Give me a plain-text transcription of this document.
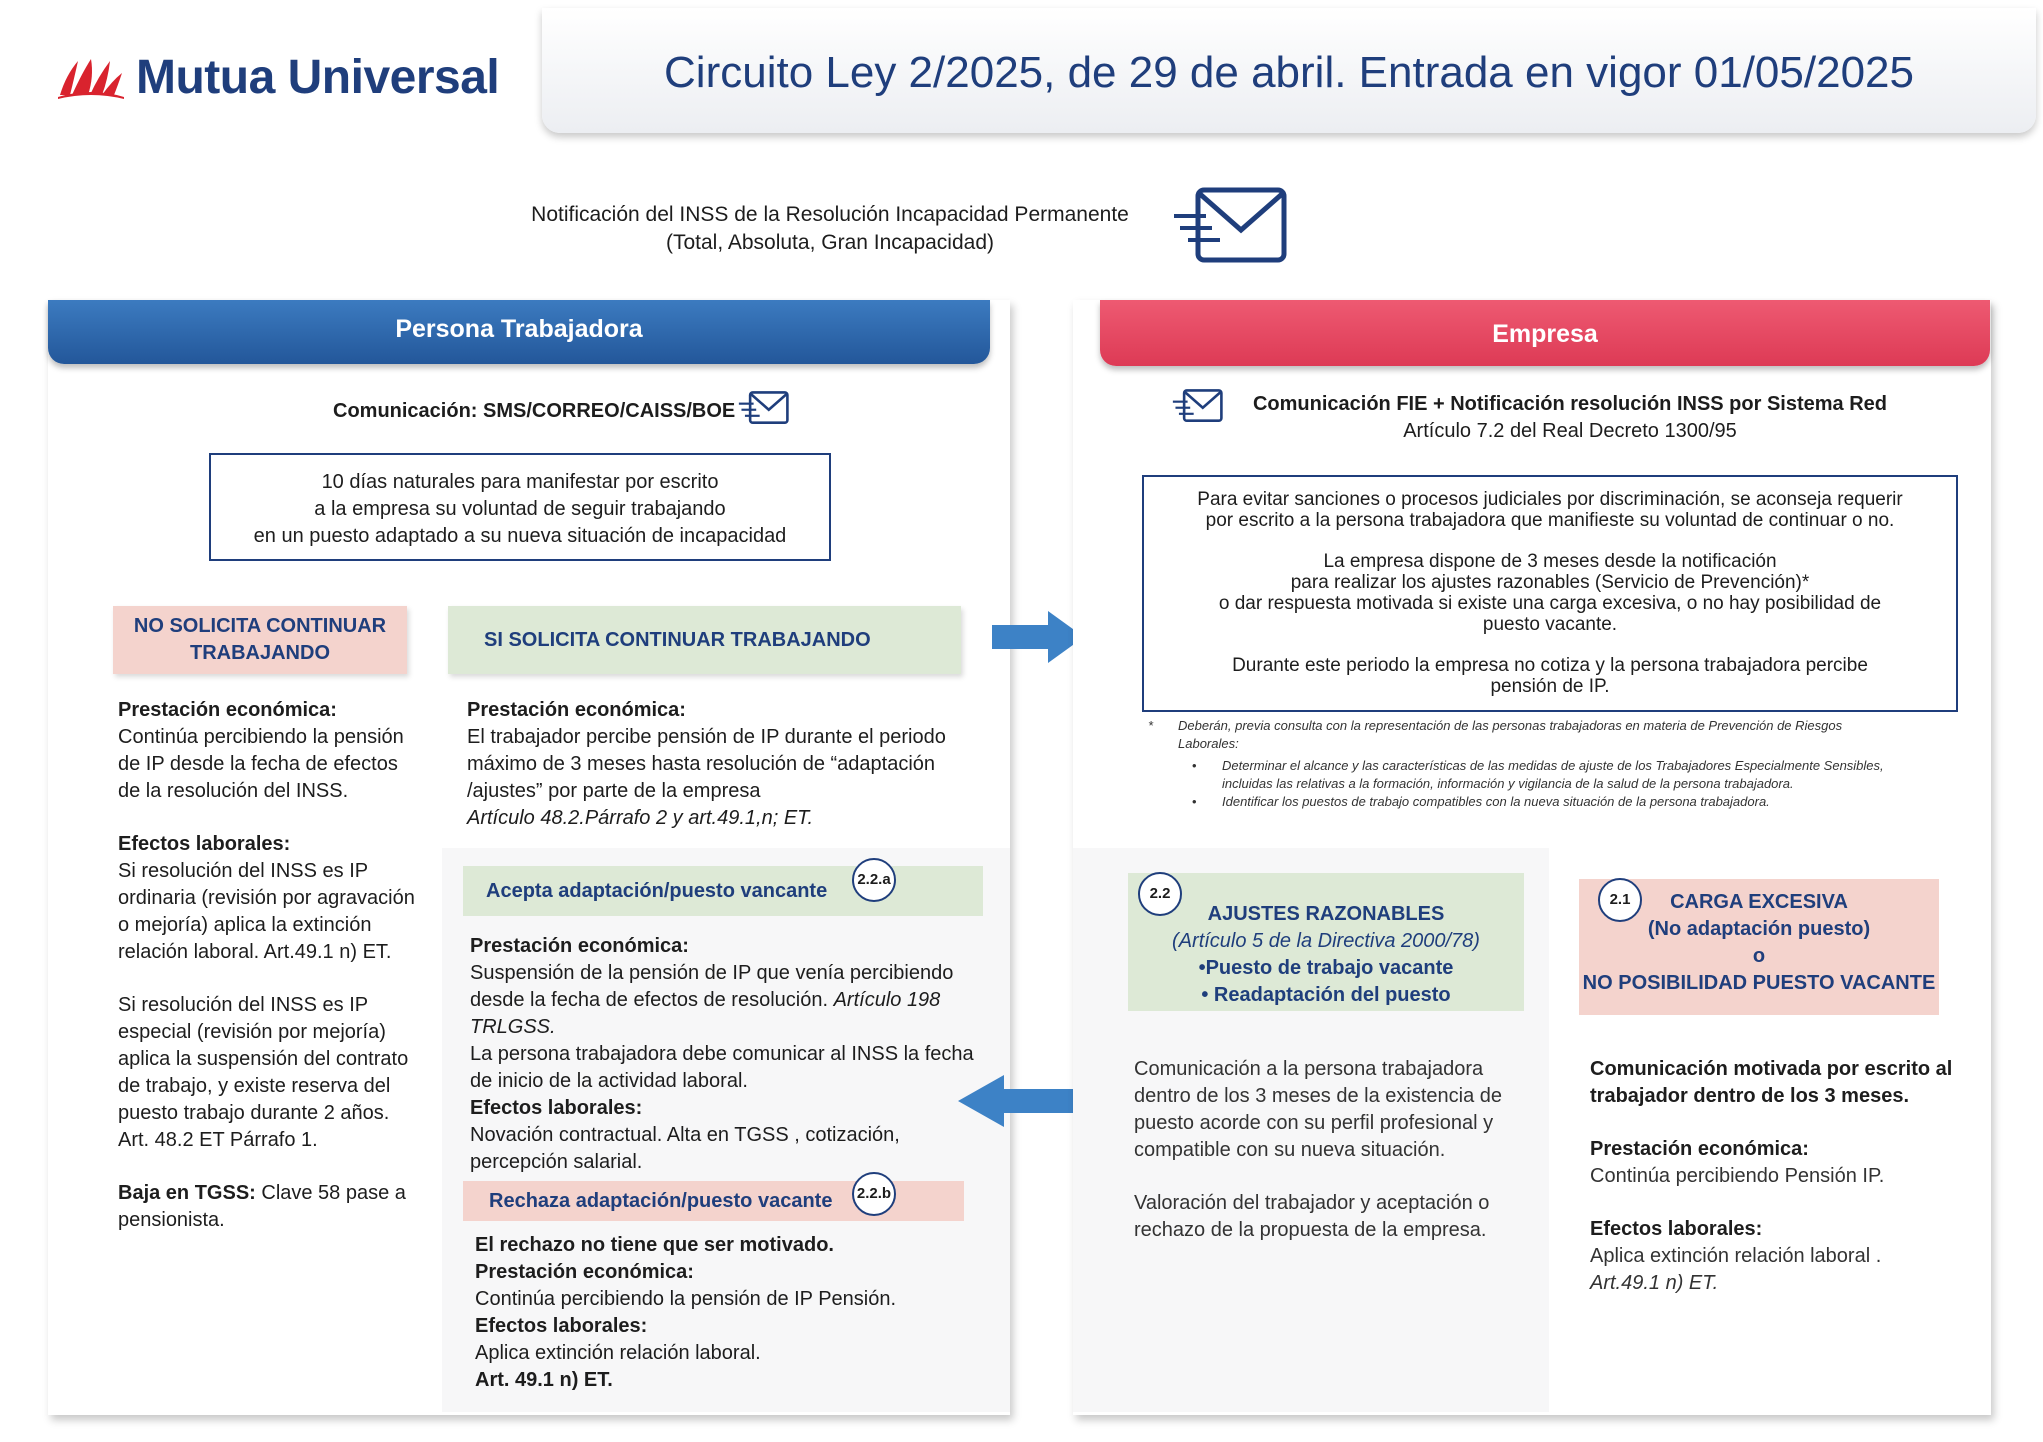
Mutua Universal	Circuito Ley 2/2025, de 29 de abril. Entrada en vigor 01/05/2025

Notificación del INSS de la Resolución Incapacidad Permanente

(Total, Absoluta, Gran Incapacidad)

Persona Trabajadora
Comunicación: SMS/CORREO/CAISS/BOE

10 días naturales para manifestar por escrito

a la empresa su voluntad de seguir trabajando

en un puesto adaptado a su nueva situación de incapacidad

NO SOLICITA CONTINUAR

TRABAJANDO

Prestación económica:

Continúa percibiendo la pensión

de IP desde la fecha de efectos

de la resolución del INSS.

Efectos laborales:

Si resolución del INSS es IP

ordinaria (revisión por agravación

o mejoría) aplica la extinción

relación laboral. Art.49.1 n) ET.

Si resolución del INSS es IP

especial (revisión por mejoría)

aplica la suspensión del contrato

de trabajo, y existe reserva del

puesto trabajo durante 2 años.

Art. 48.2 ET Párrafo 1.

Baja en TGSS: Clave 58 pase a

pensionista.

SI SOLICITA CONTINUAR TRABAJANDO

Prestación económica:

El trabajador percibe pensión de IP durante el periodo

máximo de 3 meses hasta resolución de “adaptación

/ajustes” por parte de la empresa

Artículo 48.2.Párrafo 2 y art.49.1,n; ET.

Acepta adaptación/puesto vancante
2.2.a

Prestación económica:

Suspensión de la pensión de IP que venía percibiendo

desde la fecha de efectos de resolución. Artículo 198

TRLGSS.

La persona trabajadora debe comunicar al INSS la fecha

de inicio de la actividad laboral.

Efectos laborales:

Novación contractual. Alta en TGSS , cotización,

percepción salarial.

Rechaza adaptación/puesto vacante	2.2.b

El rechazo no tiene que ser motivado.

Prestación económica:

Continúa percibiendo la pensión de IP Pensión.

Efectos laborales:

Aplica extinción relación laboral.

Art. 49.1 n) ET.

Empresa

Comunicación FIE + Notificación resolución INSS por Sistema Red

Artículo 7.2 del Real Decreto 1300/95

Para evitar sanciones o procesos judiciales por discriminación, se aconseja requerir

por escrito a la persona trabajadora que manifieste su voluntad de continuar o no.

La empresa dispone de 3 meses desde la notificación

para realizar los ajustes razonables (Servicio de Prevención)*

o dar respuesta motivada si existe una carga excesiva, o no hay posibilidad de

puesto vacante.

Durante este periodo la empresa no cotiza y la persona trabajadora percibe

pensión de IP.

* Deberán, previa consulta con la representación de las personas trabajadoras en materia de Prevención de Riesgos

Laborales:

• Determinar el alcance y las características de las medidas de ajuste de los Trabajadores Especialmente Sensibles,

incluidas las relativas a la formación, información y vigilancia de la salud de la persona trabajadora.

• Identificar los puestos de trabajo compatibles con la nueva situación de la persona trabajadora.

AJUSTES RAZONABLES

(Artículo 5 de la Directiva 2000/78)

•Puesto de trabajo vacante

• Readaptación del puesto

2.2

Comunicación a la persona trabajadora

dentro de los 3 meses de la existencia de

puesto acorde con su perfil profesional y

compatible con su nueva situación.

Valoración del trabajador y aceptación o

rechazo de la propuesta de la empresa.

CARGA EXCESIVA

(No adaptación puesto)

o

NO POSIBILIDAD PUESTO VACANTE

2.1

Comunicación motivada por escrito al

trabajador dentro de los 3 meses.

Prestación económica:

Continúa percibiendo Pensión IP.

Efectos laborales:

Aplica extinción relación laboral .

Art.49.1 n) ET.
